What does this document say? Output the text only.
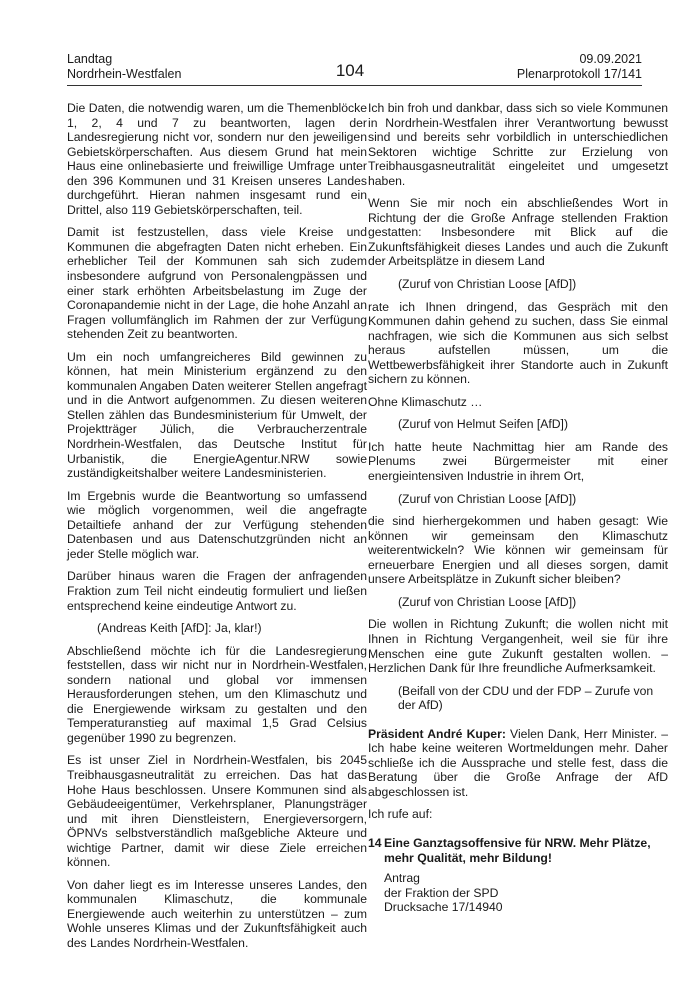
Landtag
Nordrhein-Westfalen	104
09.09.2021
Plenarprotokoll 17/141

Die Daten, die notwendig waren, um die Themenblöcke 1, 2, 4 und 7 zu beantworten, lagen der Landesregierung nicht vor, sondern nur den jeweiligen Gebietskörperschaften. Aus diesem Grund hat mein Haus eine onlinebasierte und freiwillige Umfrage unter den 396 Kommunen und 31 Kreisen unseres Landes durchgeführt. Hieran nahmen insgesamt rund ein Drittel, also 119 Gebietskörperschaften, teil.

Damit ist festzustellen, dass viele Kreise und Kommunen die abgefragten Daten nicht erheben. Ein erheblicher Teil der Kommunen sah sich zudem insbesondere aufgrund von Personalengpässen und einer stark erhöhten Arbeitsbelastung im Zuge der Coronapandemie nicht in der Lage, die hohe Anzahl an Fragen vollumfänglich im Rahmen der zur Verfügung stehenden Zeit zu beantworten.

Um ein noch umfangreicheres Bild gewinnen zu können, hat mein Ministerium ergänzend zu den kommunalen Angaben Daten weiterer Stellen angefragt und in die Antwort aufgenommen. Zu diesen weiteren Stellen zählen das Bundesministerium für Umwelt, der Projektträger Jülich, die Verbraucherzentrale Nordrhein-Westfalen, das Deutsche Institut für Urbanistik, die EnergieAgentur.NRW sowie zuständigkeitshalber weitere Landesministerien.

Im Ergebnis wurde die Beantwortung so umfassend wie möglich vorgenommen, weil die angefragte Detailtiefe anhand der zur Verfügung stehenden Datenbasen und aus Datenschutzgründen nicht an jeder Stelle möglich war.

Darüber hinaus waren die Fragen der anfragenden Fraktion zum Teil nicht eindeutig formuliert und ließen entsprechend keine eindeutige Antwort zu.

(Andreas Keith [AfD]: Ja, klar!)

Abschließend möchte ich für die Landesregierung feststellen, dass wir nicht nur in Nordrhein-Westfalen, sondern national und global vor immensen Herausforderungen stehen, um den Klimaschutz und die Energiewende wirksam zu gestalten und den Temperaturanstieg auf maximal 1,5 Grad Celsius gegenüber 1990 zu begrenzen.

Es ist unser Ziel in Nordrhein-Westfalen, bis 2045 Treibhausgasneutralität zu erreichen. Das hat das Hohe Haus beschlossen. Unsere Kommunen sind als Gebäudeeigentümer, Verkehrsplaner, Planungsträger und mit ihren Dienstleistern, Energieversorgern, ÖPNVs selbstverständlich maßgebliche Akteure und wichtige Partner, damit wir diese Ziele erreichen können.

Von daher liegt es im Interesse unseres Landes, den kommunalen Klimaschutz, die kommunale Energiewende auch weiterhin zu unterstützen – zum Wohle unseres Klimas und der Zukunftsfähigkeit auch des Landes Nordrhein-Westfalen.

Ich bin froh und dankbar, dass sich so viele Kommunen in Nordrhein-Westfalen ihrer Verantwortung bewusst sind und bereits sehr vorbildlich in unterschiedlichen Sektoren wichtige Schritte zur Erzielung von Treibhausgasneutralität eingeleitet und umgesetzt haben.

Wenn Sie mir noch ein abschließendes Wort in Richtung der die Große Anfrage stellenden Fraktion gestatten: Insbesondere mit Blick auf die Zukunftsfähigkeit dieses Landes und auch die Zukunft der Arbeitsplätze in diesem Land

(Zuruf von Christian Loose [AfD])

rate ich Ihnen dringend, das Gespräch mit den Kommunen dahin gehend zu suchen, dass Sie einmal nachfragen, wie sich die Kommunen aus sich selbst heraus aufstellen müssen, um die Wettbewerbsfähigkeit ihrer Standorte auch in Zukunft sichern zu können.

Ohne Klimaschutz …

(Zuruf von Helmut Seifen [AfD])

Ich hatte heute Nachmittag hier am Rande des Plenums zwei Bürgermeister mit einer energieintensiven Industrie in ihrem Ort,

(Zuruf von Christian Loose [AfD])

die sind hierhergekommen und haben gesagt: Wie können wir gemeinsam den Klimaschutz weiterentwickeln? Wie können wir gemeinsam für erneuerbare Energien und all dieses sorgen, damit unsere Arbeitsplätze in Zukunft sicher bleiben?

(Zuruf von Christian Loose [AfD])

Die wollen in Richtung Zukunft; die wollen nicht mit Ihnen in Richtung Vergangenheit, weil sie für ihre Menschen eine gute Zukunft gestalten wollen. – Herzlichen Dank für Ihre freundliche Aufmerksamkeit.

(Beifall von der CDU und der FDP – Zurufe von der AfD)

Präsident André Kuper: Vielen Dank, Herr Minister. – Ich habe keine weiteren Wortmeldungen mehr. Daher schließe ich die Aussprache und stelle fest, dass die Beratung über die Große Anfrage der AfD abgeschlossen ist.

Ich rufe auf:

14 Eine Ganztagsoffensive für NRW. Mehr Plätze, mehr Qualität, mehr Bildung!
Antrag
der Fraktion der SPD
Drucksache 17/14940
